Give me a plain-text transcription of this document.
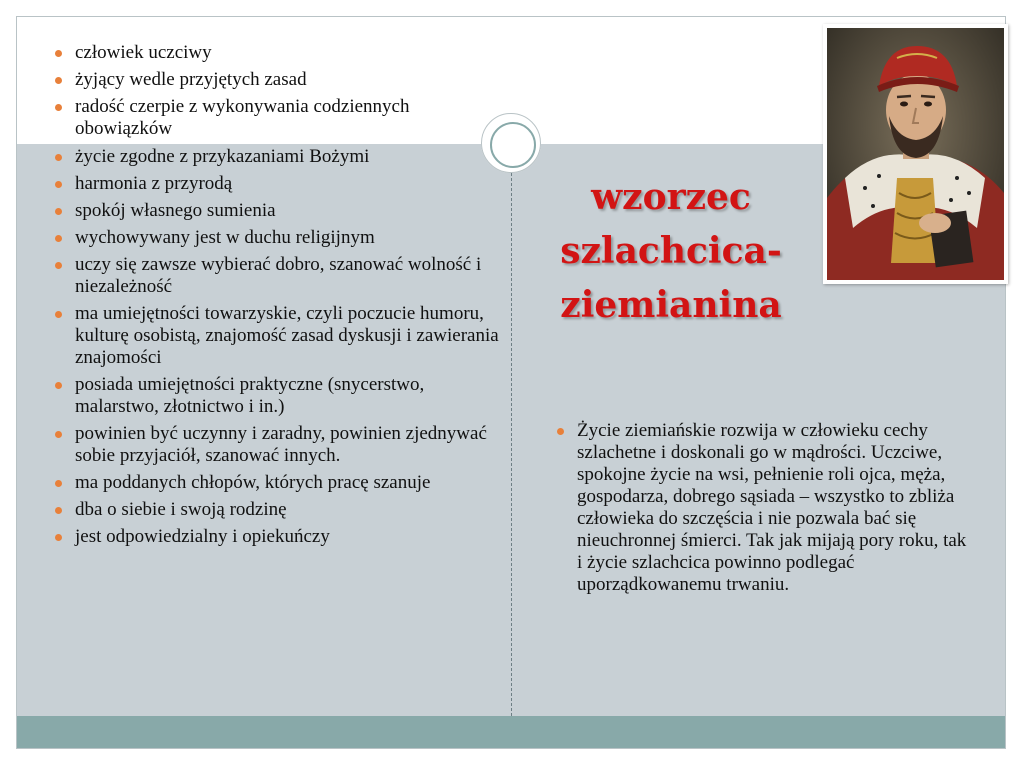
człowiek uczciwy
żyjący wedle przyjętych zasad
radość czerpie z wykonywania codziennych obowiązków
życie zgodne z przykazaniami Bożymi
harmonia z przyrodą
spokój własnego sumienia
wychowywany jest w duchu religijnym
uczy się zawsze wybierać dobro, szanować wolność i niezależność
ma umiejętności towarzyskie, czyli poczucie humoru, kulturę osobistą, znajomość zasad dyskusji i zawierania znajomości
posiada umiejętności praktyczne (snycerstwo, malarstwo, złotnictwo i in.)
powinien być uczynny i zaradny, powinien zjednywać sobie przyjaciół, szanować innych.
ma poddanych chłopów, których pracę szanuje
dba o siebie i swoją rodzinę
jest odpowiedzialny i opiekuńczy
wzorzec
szlachcica-
ziemianina
Życie ziemiańskie rozwija w człowieku cechy szlachetne i doskonali go w mądrości. Uczciwe, spokojne życie na wsi, pełnienie roli ojca, męża, gospodarza, dobrego sąsiada – wszystko to zbliża człowieka do szczęścia i nie pozwala bać się nieuchronnej śmierci. Tak jak mijają pory roku, tak i życie szlachcica powinno podlegać uporządkowanemu trwaniu.
